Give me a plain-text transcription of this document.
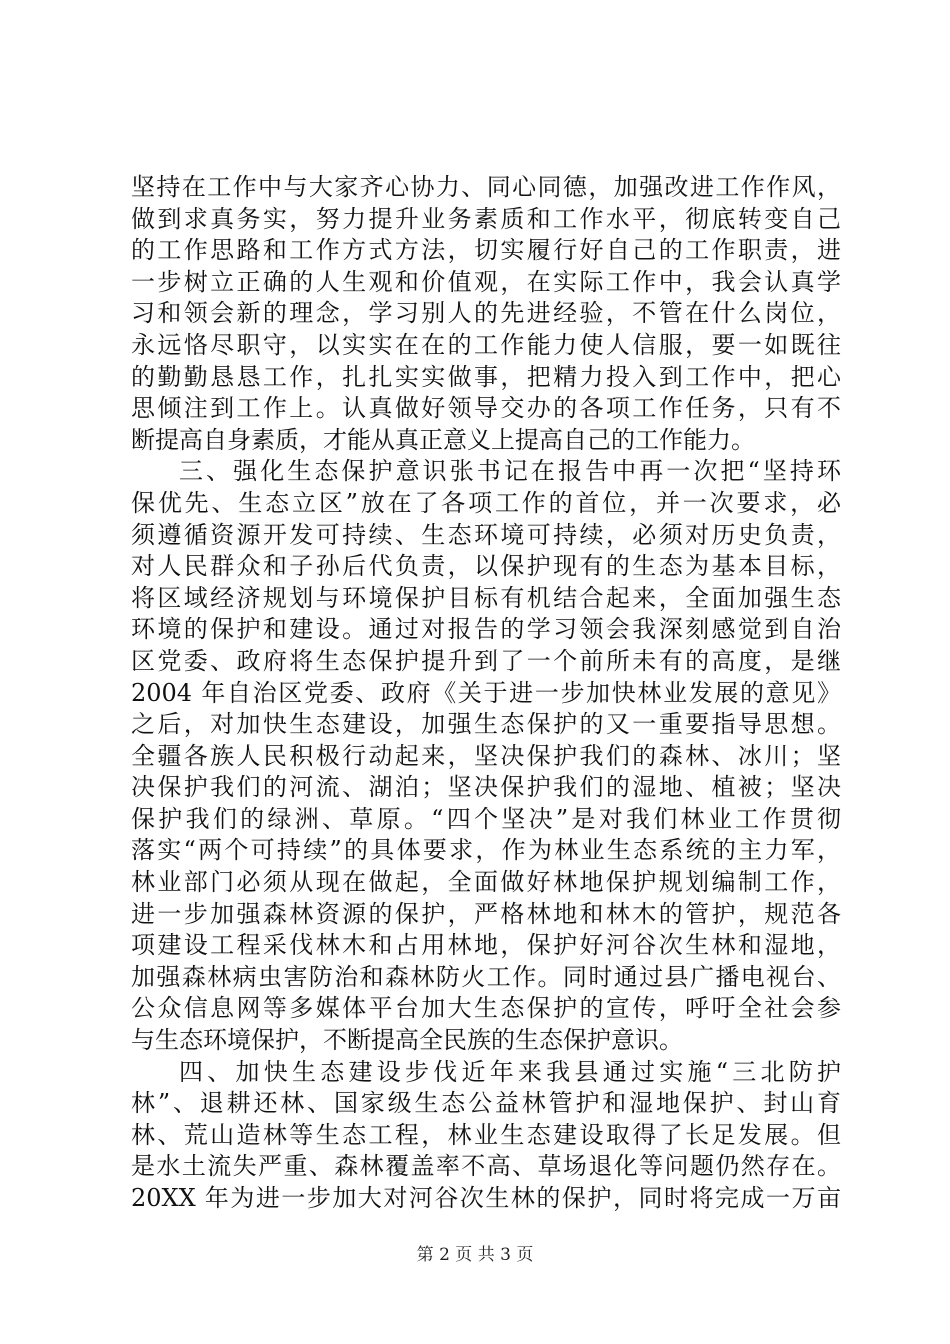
坚持在工作中与大家齐心协力、同心同德，加强改进工作作风，
做到求真务实，努力提升业务素质和工作水平，彻底转变自己
的工作思路和工作方式方法，切实履行好自己的工作职责，进
一步树立正确的人生观和价值观，在实际工作中，我会认真学
习和领会新的理念，学习别人的先进经验，不管在什么岗位，
永远恪尽职守，以实实在在的工作能力使人信服，要一如既往
的勤勤恳恳工作，扎扎实实做事，把精力投入到工作中，把心
思倾注到工作上。认真做好领导交办的各项工作任务，只有不
断提高自身素质，才能从真正意义上提高自己的工作能力。
三、强化生态保护意识张书记在报告中再一次把“坚持环
保优先、生态立区”放在了各项工作的首位，并一次要求，必
须遵循资源开发可持续、生态环境可持续，必须对历史负责，
对人民群众和子孙后代负责，以保护现有的生态为基本目标，
将区域经济规划与环境保护目标有机结合起来，全面加强生态
环境的保护和建设。通过对报告的学习领会我深刻感觉到自治
区党委、政府将生态保护提升到了一个前所未有的高度，是继
2004 年自治区党委、政府《关于进一步加快林业发展的意见》
之后，对加快生态建设，加强生态保护的又一重要指导思想。
全疆各族人民积极行动起来，坚决保护我们的森林、冰川；坚
决保护我们的河流、湖泊；坚决保护我们的湿地、植被；坚决
保护我们的绿洲、草原。“四个坚决”是对我们林业工作贯彻
落实“两个可持续”的具体要求，作为林业生态系统的主力军，
林业部门必须从现在做起，全面做好林地保护规划编制工作，
进一步加强森林资源的保护，严格林地和林木的管护，规范各
项建设工程采伐林木和占用林地，保护好河谷次生林和湿地，
加强森林病虫害防治和森林防火工作。同时通过县广播电视台、
公众信息网等多媒体平台加大生态保护的宣传，呼吁全社会参
与生态环境保护，不断提高全民族的生态保护意识。
四、加快生态建设步伐近年来我县通过实施“三北防护
林”、退耕还林、国家级生态公益林管护和湿地保护、封山育
林、荒山造林等生态工程，林业生态建设取得了长足发展。但
是水土流失严重、森林覆盖率不高、草场退化等问题仍然存在。
20XX 年为进一步加大对河谷次生林的保护，同时将完成一万亩
第 2 页 共 3 页
